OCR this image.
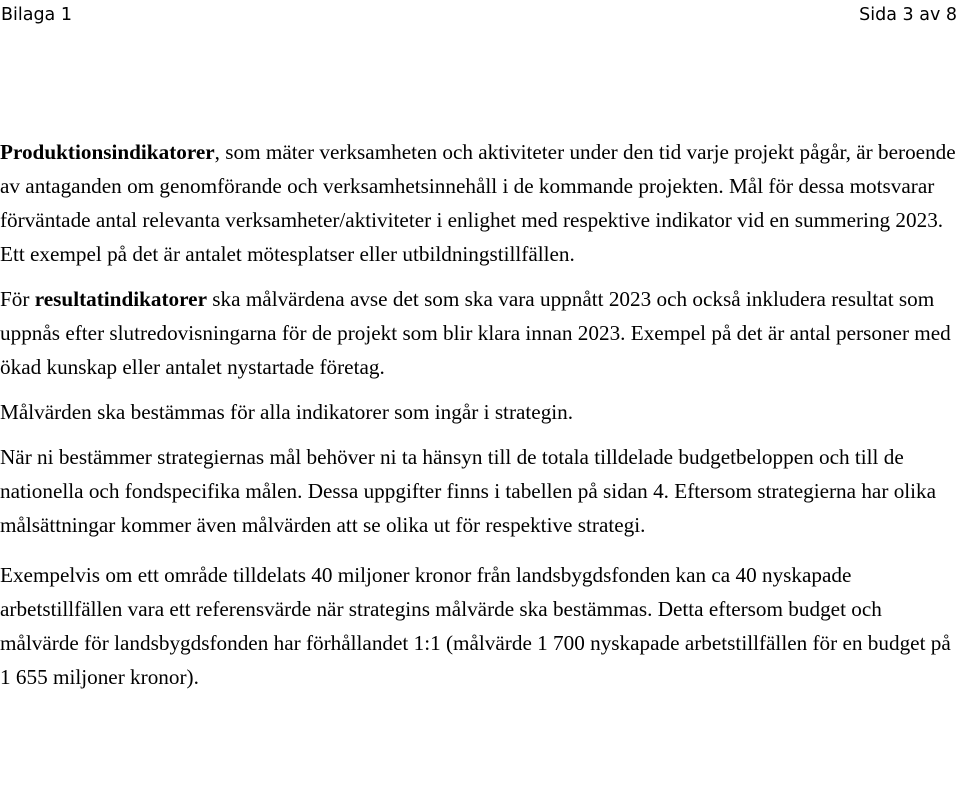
Bilaga 1	Sida 3 av 8

Produktionsindikatorer, som mäter verksamheten och aktiviteter under den tid varje projekt pågår, är beroende av antaganden om genomförande och verksamhetsinnehåll i de kommande projekten. Mål för dessa motsvarar förväntade antal relevanta verksamheter/aktiviteter i enlighet med respektive indikator vid en summering 2023. Ett exempel på det är antalet mötesplatser eller utbildningstillfällen.

För resultatindikatorer ska målvärdena avse det som ska vara uppnått 2023 och också inkludera resultat som uppnås efter slutredovisningarna för de projekt som blir klara innan 2023. Exempel på det är antal personer med ökad kunskap eller antalet nystartade företag.

Målvärden ska bestämmas för alla indikatorer som ingår i strategin.

När ni bestämmer strategiernas mål behöver ni ta hänsyn till de totala tilldelade budgetbeloppen och till de nationella och fondspecifika målen. Dessa uppgifter finns i tabellen på sidan 4. Eftersom strategierna har olika målsättningar kommer även målvärden att se olika ut för respektive strategi.

Exempelvis om ett område tilldelats 40 miljoner kronor från landsbygdsfonden kan ca 40 nyskapade arbetstillfällen vara ett referensvärde när strategins målvärde ska bestämmas. Detta eftersom budget och målvärde för landsbygdsfonden har förhållandet 1:1 (målvärde 1 700 nyskapade arbetstillfällen för en budget på 1 655 miljoner kronor).
